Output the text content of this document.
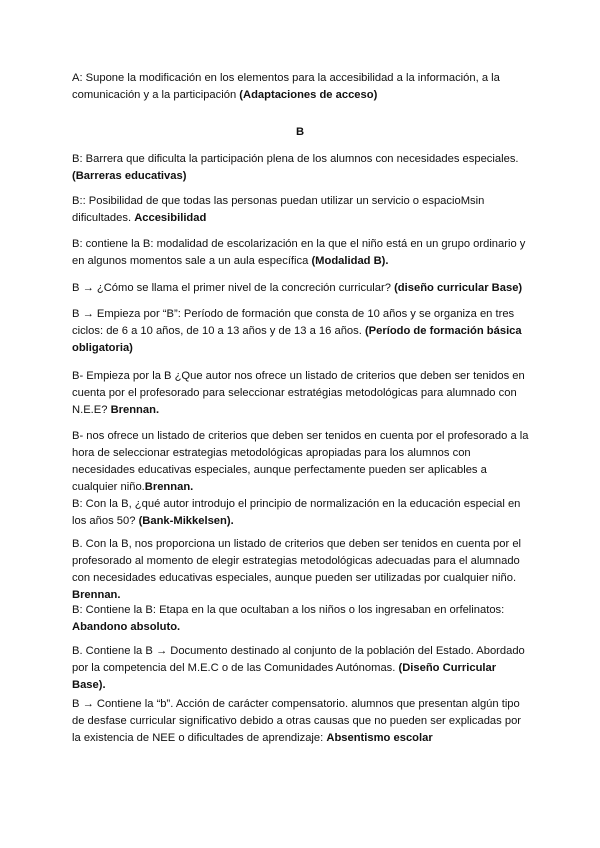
A: Supone la modificación en los elementos para la accesibilidad a la información, a la comunicación y a la participación (Adaptaciones de acceso)

B

B: Barrera que dificulta la participación plena de los alumnos con necesidades especiales. (Barreras educativas)

B:: Posibilidad de que todas las personas puedan utilizar un servicio o espacioMsin dificultades. Accesibilidad

B: contiene la B: modalidad de escolarización en la que el niño está en un grupo ordinario y en algunos momentos sale a un aula específica (Modalidad B).

B → ¿Cómo se llama el primer nivel de la concreción curricular? (diseño curricular Base)

B → Empieza por “B”: Período de formación que consta de 10 años y se organiza en tres ciclos: de 6 a 10 años, de 10 a 13 años y de 13 a 16 años. (Período de formación básica obligatoria)

B- Empieza por la B ¿Que autor nos ofrece un listado de criterios que deben ser tenidos en cuenta por el profesorado para seleccionar estratégias metodológicas para alumnado con N.E.E? Brennan.

B- nos ofrece un listado de criterios que deben ser tenidos en cuenta por el profesorado a la hora de seleccionar estrategias metodológicas apropiadas para los alumnos con necesidades educativas especiales, aunque perfectamente pueden ser aplicables a cualquier niño.Brennan.

B: Con la B, ¿qué autor introdujo el principio de normalización en la educación especial en los años 50? (Bank-Mikkelsen).

B. Con la B, nos proporciona un listado de criterios que deben ser tenidos en cuenta por el profesorado al momento de elegir estrategias metodológicas adecuadas para el alumnado con necesidades educativas especiales, aunque pueden ser utilizadas por cualquier niño. Brennan.

B: Contiene la B: Etapa en la que ocultaban a los niños o los ingresaban en orfelinatos: Abandono absoluto.

B. Contiene la B → Documento destinado al conjunto de la población del Estado. Abordado por la competencia del M.E.C o de las Comunidades Autónomas. (Diseño Curricular Base).

B → Contiene la “b”. Acción de carácter compensatorio. alumnos que presentan algún tipo de desfase curricular significativo debido a otras causas que no pueden ser explicadas por la existencia de NEE o dificultades de aprendizaje: Absentismo escolar
